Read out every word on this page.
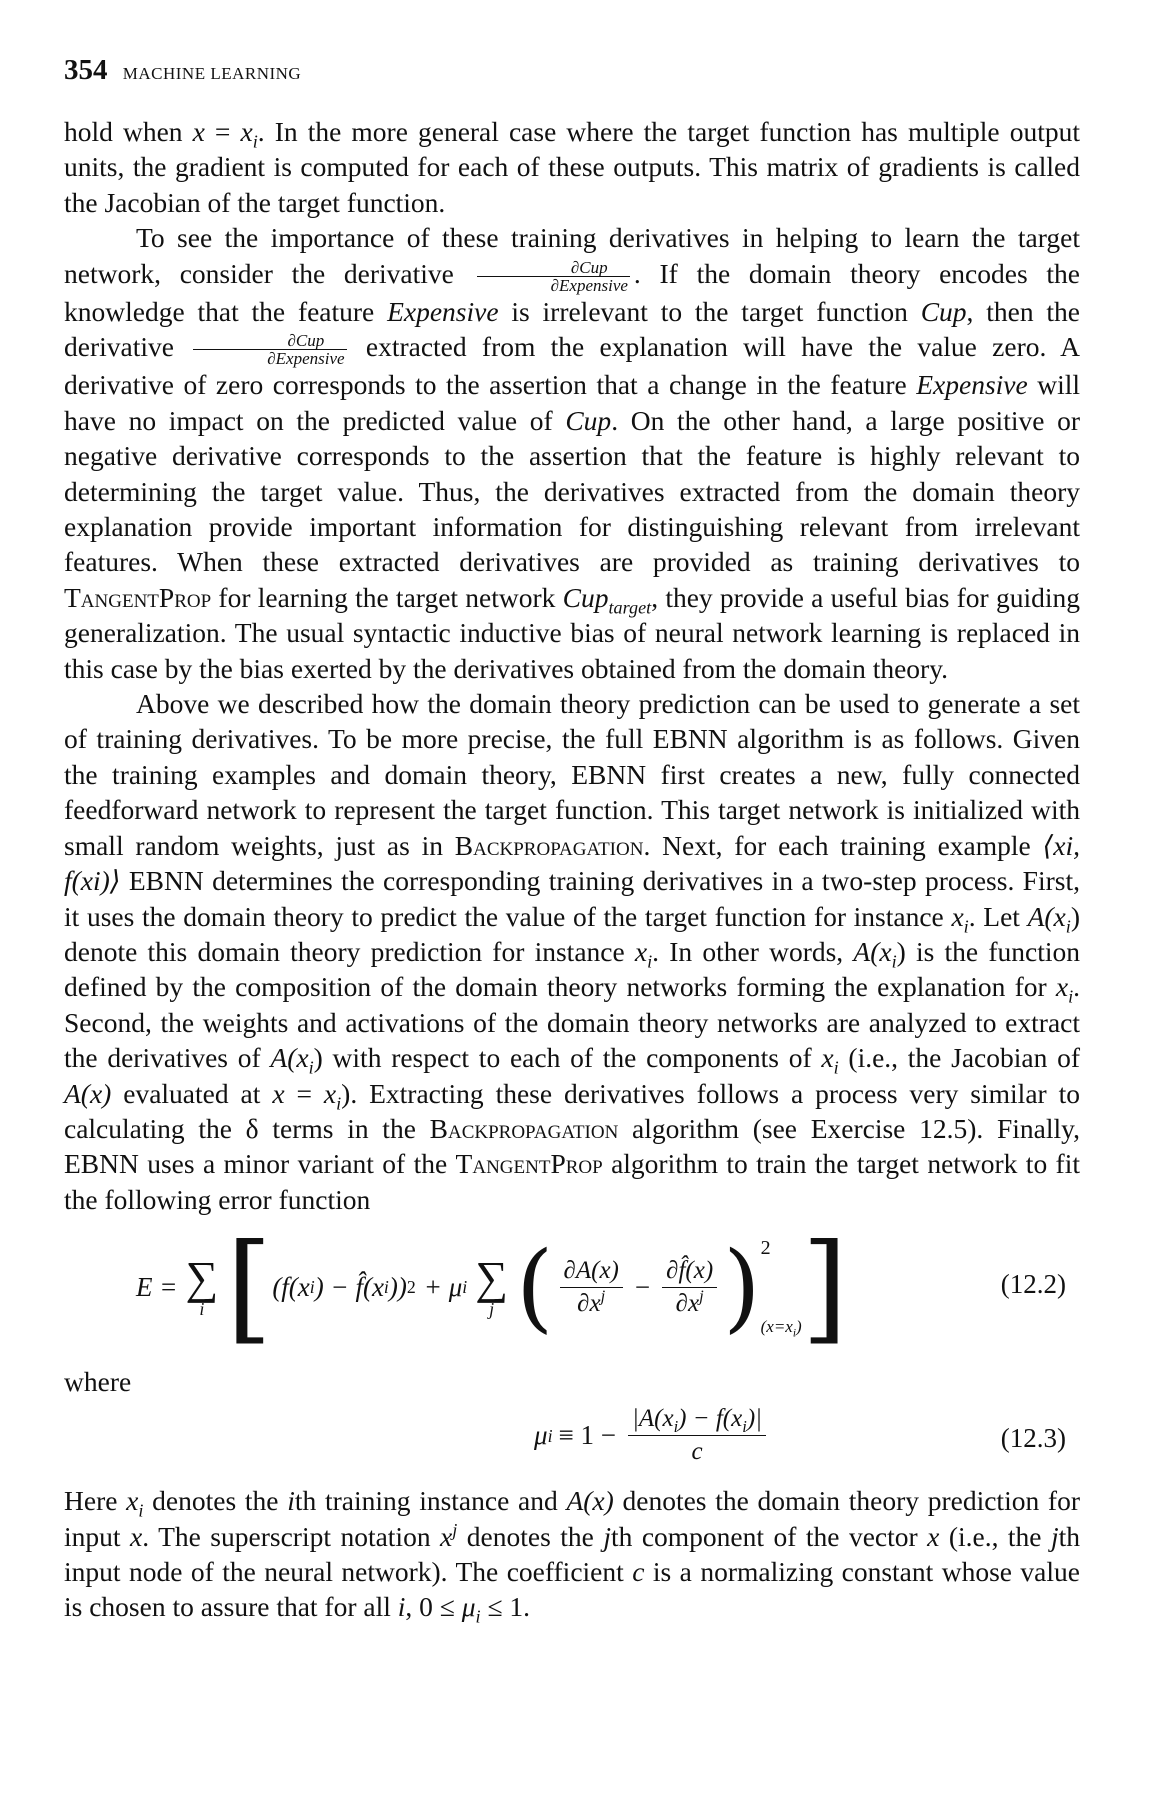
354 MACHINE LEARNING

hold when $x = x_i$. In the more general case where the target function has multiple output units, the gradient is computed for each of these outputs. This matrix of gradients is called the Jacobian of the target function.

To see the importance of these training derivatives in helping to learn the target network, consider the derivative $\frac{\text{∂Cup}}{\text{∂Expensive}}$ . If the domain theory encodes the knowledge that the feature Expensive is irrelevant to the target function Cup, then the derivative $\frac{\text{∂Cup}}{\text{∂Expensive}}$ extracted from the explanation will have the value zero. A derivative of zero corresponds to the assertion that a change in the feature Expensive will have no impact on the predicted value of Cup. On the other hand, a large positive or negative derivative corresponds to the assertion that the feature is highly relevant to determining the target value. Thus, the derivatives extracted from the domain theory explanation provide important information for distinguishing relevant from irrelevant features. When these extracted derivatives are provided as training derivatives to TangentProp for learning the target network Cup$_{target}$, they provide a useful bias for guiding generalization. The usual syntactic inductive bias of neural network learning is replaced in this case by the bias exerted by the derivatives obtained from the domain theory.

Above we described how the domain theory prediction can be used to generate a set of training derivatives. To be more precise, the full EBNN algorithm is as follows. Given the training examples and domain theory, EBNN first creates a new, fully connected feedforward network to represent the target function. This target network is initialized with small random weights, just as in Backpropagation. Next, for each training example ⟨xi, f(xi)⟩ EBNN determines the corresponding training derivatives in a two-step process. First, it uses the domain theory to predict the value of the target function for instance $x_i$. Let $A(x_i)$ denote this domain theory prediction for instance $x_i$. In other words, $A(x_i)$ is the function defined by the composition of the domain theory networks forming the explanation for $x_i$. Second, the weights and activations of the domain theory networks are analyzed to extract the derivatives of $A(x_i)$ with respect to each of the components of $x_i$ (i.e., the Jacobian of A(x) evaluated at $x = x_i$). Extracting these derivatives follows a process very similar to calculating the δ terms in the Backpropagation algorithm (see Exercise 12.5). Finally, EBNN uses a minor variant of the TangentProp algorithm to train the target network to fit the following error function

E = ∑
i [ (f(x i ) − f̂(x i )) 2 + μ i ∑
j ( ∂A(x)
$\partial x^j - \frac{\partial f̂(x)}{\partial x^j}$ ) 2
$(x=x_i)$ ]	(12.2)

where

μ $i \equiv 1 - \frac{|A(x_i) - f(x_i)|}{c}$	(12.3)

Here $x_i$ denotes the ith training instance and A(x) denotes the domain theory prediction for input x. The superscript notation $x^j$ denotes the jth component of the vector x (i.e., the jth input node of the neural network). The coefficient c is a normalizing constant whose value is chosen to assure that for all i, $0 \le \mu_i \le 1$.
